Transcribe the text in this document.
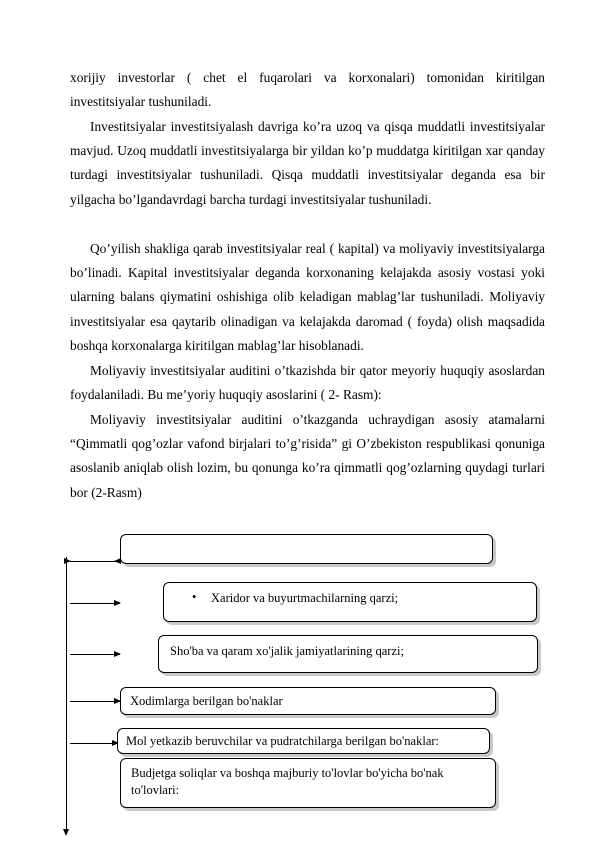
xorijiy investorlar ( chet el fuqarolari va korxonalari) tomonidan kiritilgan investitsiyalar tushuniladi.

Investitsiyalar investitsiyalash davriga ko’ra uzoq va qisqa muddatli investitsiyalar mavjud. Uzoq muddatli investitsiyalarga bir yildan ko’p muddatga kiritilgan xar qanday turdagi investitsiyalar tushuniladi. Qisqa muddatli investitsiyalar deganda esa bir yilgacha bo’lgandavrdagi barcha turdagi investitsiyalar tushuniladi.

Qo’yilish shakliga qarab investitsiyalar real ( kapital) va moliyaviy investitsiyalarga bo’linadi. Kapital investitsiyalar deganda korxonaning kelajakda asosiy vostasi yoki ularning balans qiymatini oshishiga olib keladigan mablag’lar tushuniladi. Moliyaviy investitsiyalar esa qaytarib olinadigan va kelajakda daromad ( foyda) olish maqsadida boshqa korxonalarga kiritilgan mablag’lar hisoblanadi.

Moliyaviy investitsiyalar auditini o’tkazishda bir qator meyoriy huquqiy asoslardan foydalaniladi. Bu me’yoriy huquqiy asoslarini ( 2- Rasm):

Moliyaviy investitsiyalar auditini o’tkazganda uchraydigan asosiy atamalarni “Qimmatli qog’ozlar vafond birjalari to’g’risida” gi O’zbekiston respublikasi qonuniga asoslanib aniqlab olish lozim, bu qonunga ko’ra qimmatli qog’ozlarning quydagi turlari bor (2-Rasm)

• Xaridor va buyurtmachilarning qarzi;
Sho'ba va qaram xo'jalik jamiyatlarining qarzi;
Xodimlarga berilgan bo'naklar
Mol yetkazib beruvchilar va pudratchilarga berilgan bo'naklar:
Budjetga soliqlar va boshqa majburiy to'lovlar bo'yicha bo'nak to'lovlari:
